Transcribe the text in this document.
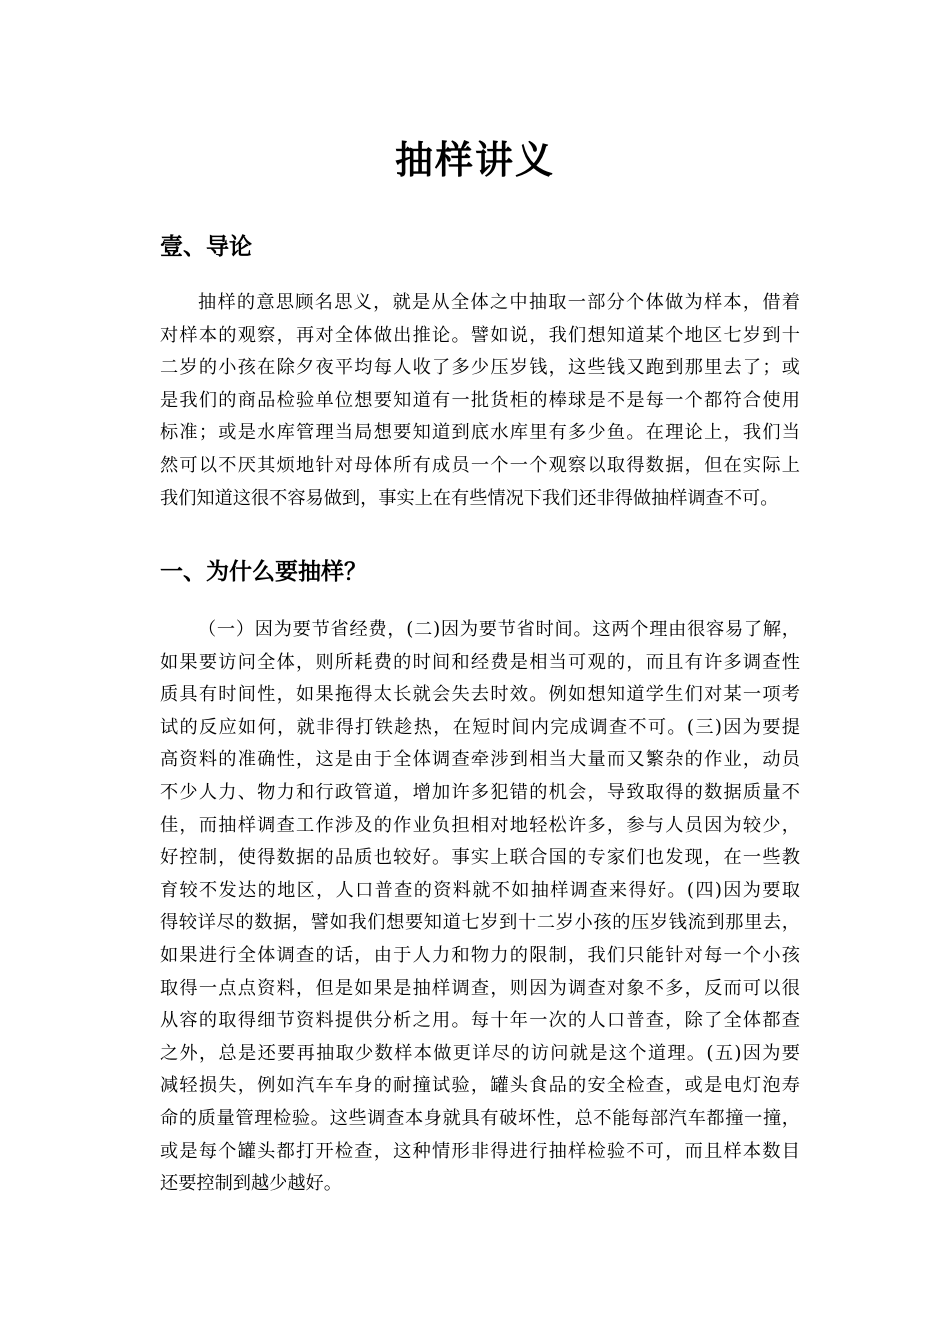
抽样讲义
壹、导论
抽样的意思顾名思义，就是从全体之中抽取一部分个体做为样本，借着
对样本的观察，再对全体做出推论。譬如说，我们想知道某个地区七岁到十
二岁的小孩在除夕夜平均每人收了多少压岁钱，这些钱又跑到那里去了；或
是我们的商品检验单位想要知道有一批货柜的棒球是不是每一个都符合使用
标准；或是水库管理当局想要知道到底水库里有多少鱼。在理论上，我们当
然可以不厌其烦地针对母体所有成员一个一个观察以取得数据，但在实际上
我们知道这很不容易做到，事实上在有些情况下我们还非得做抽样调查不可。
一、为什么要抽样？
（一）因为要节省经费，(二)因为要节省时间。这两个理由很容易了解，
如果要访问全体，则所耗费的时间和经费是相当可观的，而且有许多调查性
质具有时间性，如果拖得太长就会失去时效。例如想知道学生们对某一项考
试的反应如何，就非得打铁趁热，在短时间内完成调查不可。(三)因为要提
高资料的准确性，这是由于全体调查牵涉到相当大量而又繁杂的作业，动员
不少人力、物力和行政管道，增加许多犯错的机会，导致取得的数据质量不
佳，而抽样调查工作涉及的作业负担相对地轻松许多，参与人员因为较少，
好控制，使得数据的品质也较好。事实上联合国的专家们也发现，在一些教
育较不发达的地区，人口普查的资料就不如抽样调查来得好。(四)因为要取
得较详尽的数据，譬如我们想要知道七岁到十二岁小孩的压岁钱流到那里去，
如果进行全体调查的话，由于人力和物力的限制，我们只能针对每一个小孩
取得一点点资料，但是如果是抽样调查，则因为调查对象不多，反而可以很
从容的取得细节资料提供分析之用。每十年一次的人口普查，除了全体都查
之外，总是还要再抽取少数样本做更详尽的访问就是这个道理。(五)因为要
减轻损失，例如汽车车身的耐撞试验，罐头食品的安全检查，或是电灯泡寿
命的质量管理检验。这些调查本身就具有破坏性，总不能每部汽车都撞一撞，
或是每个罐头都打开检查，这种情形非得进行抽样检验不可，而且样本数目
还要控制到越少越好。
